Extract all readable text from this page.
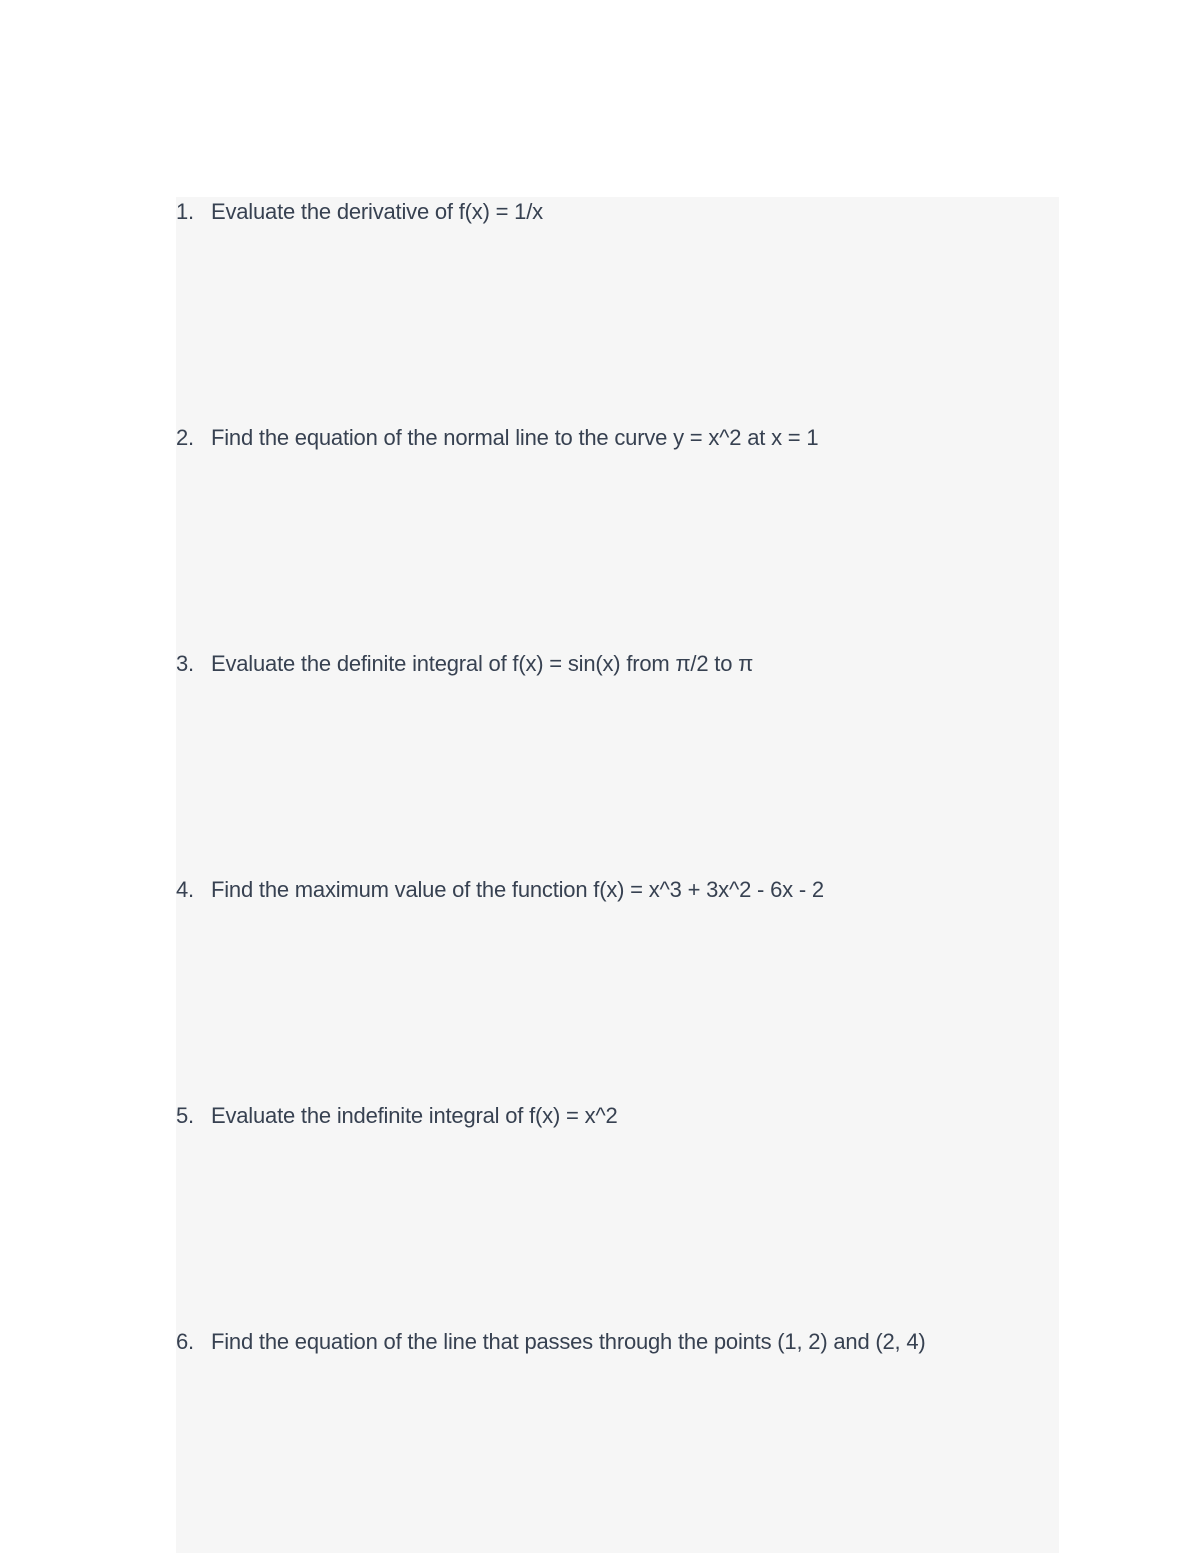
1. Evaluate the derivative of f(x) = 1/x
2. Find the equation of the normal line to the curve y = x^2 at x = 1
3. Evaluate the definite integral of f(x) = sin(x) from π/2 to π
4. Find the maximum value of the function f(x) = x^3 + 3x^2 - 6x - 2
5. Evaluate the indefinite integral of f(x) = x^2
6. Find the equation of the line that passes through the points (1, 2) and (2, 4)
